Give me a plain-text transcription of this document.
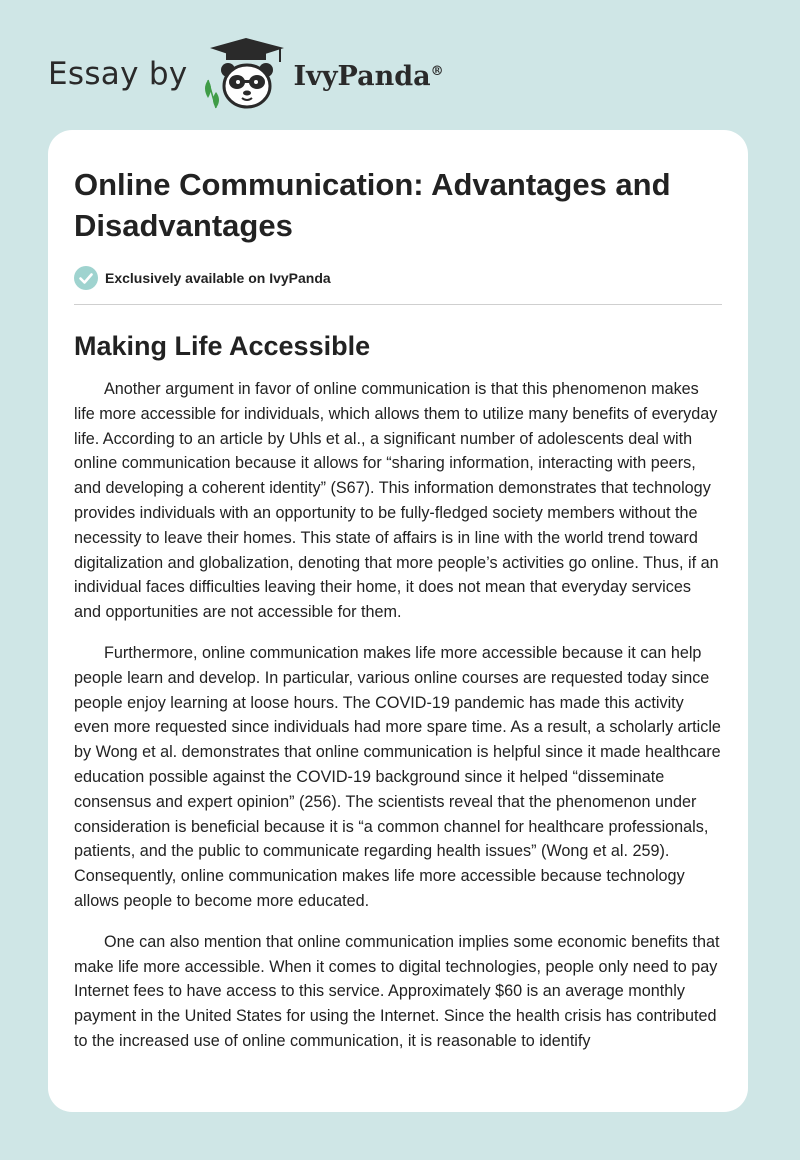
Essay by	IvyPanda®
Online Communication: Advantages and Disadvantages
Exclusively available on IvyPanda
Making Life Accessible

Another argument in favor of online communication is that this phenomenon makes life more accessible for individuals, which allows them to utilize many benefits of everyday life. According to an article by Uhls et al., a significant number of adolescents deal with online communication because it allows for “sharing information, interacting with peers, and developing a coherent identity” (S67). This information demonstrates that technology provides individuals with an opportunity to be fully-fledged society members without the necessity to leave their homes. This state of affairs is in line with the world trend toward digitalization and globalization, denoting that more people’s activities go online. Thus, if an individual faces difficulties leaving their home, it does not mean that everyday services and opportunities are not accessible for them.

Furthermore, online communication makes life more accessible because it can help people learn and develop. In particular, various online courses are requested today since people enjoy learning at loose hours. The COVID-19 pandemic has made this activity even more requested since individuals had more spare time. As a result, a scholarly article by Wong et al. demonstrates that online communication is helpful since it made healthcare education possible against the COVID-19 background since it helped “disseminate consensus and expert opinion” (256). The scientists reveal that the phenomenon under consideration is beneficial because it is “a common channel for healthcare professionals, patients, and the public to communicate regarding health issues” (Wong et al. 259). Consequently, online communication makes life more accessible because technology allows people to become more educated.

One can also mention that online communication implies some economic benefits that make life more accessible. When it comes to digital technologies, people only need to pay Internet fees to have access to this service. Approximately $60 is an average monthly payment in the United States for using the Internet. Since the health crisis has contributed to the increased use of online communication, it is reasonable to identify
